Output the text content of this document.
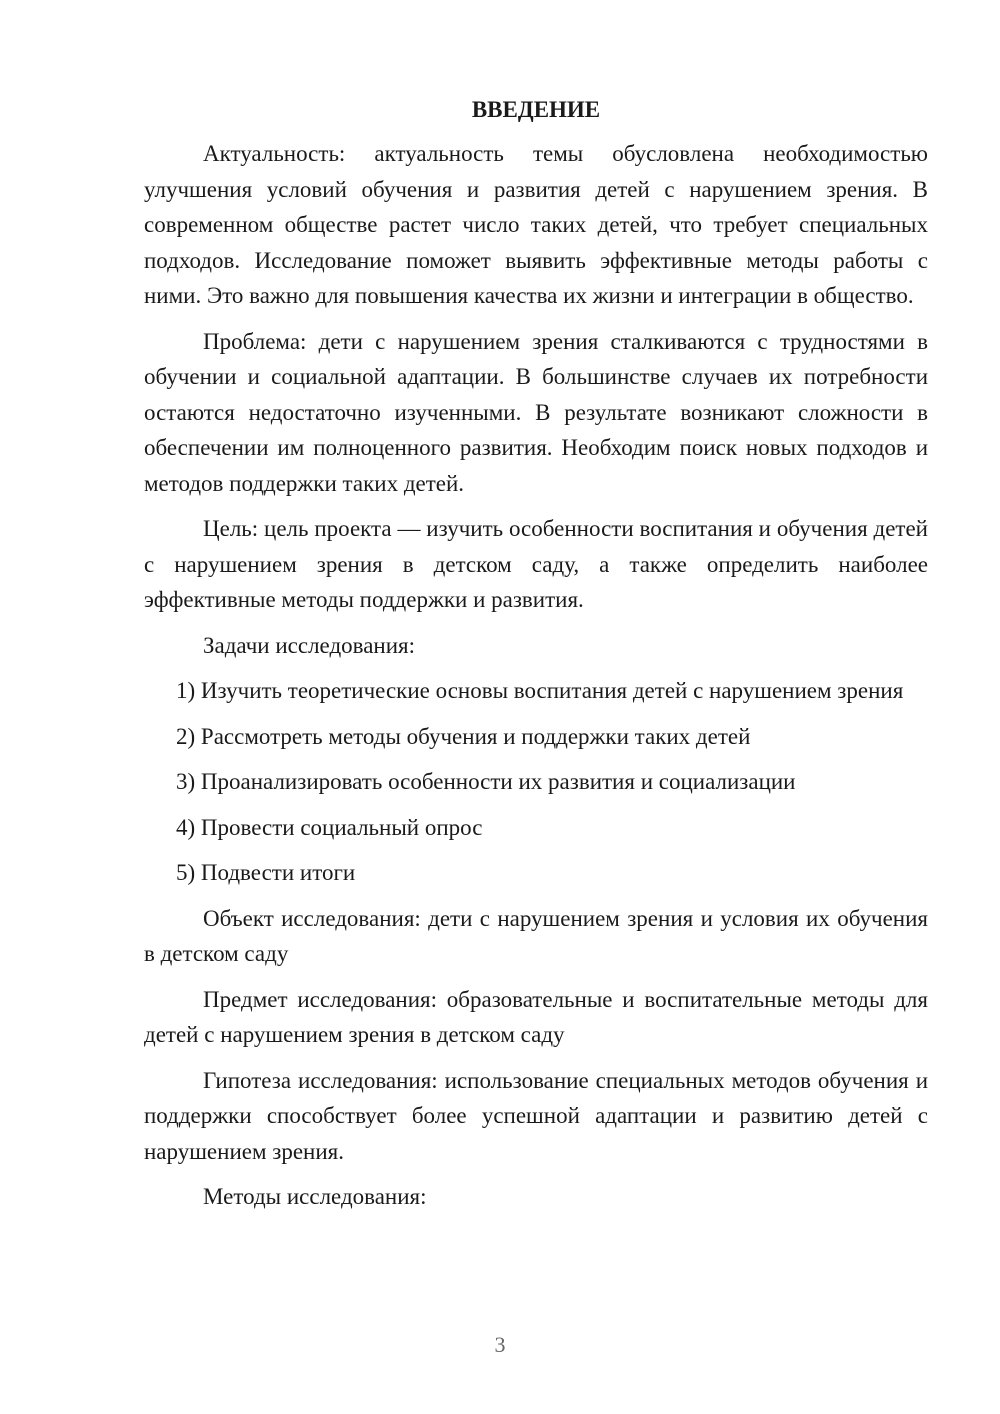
ВВЕДЕНИЕ

Актуальность: актуальность темы обусловлена необходимостью улучшения условий обучения и развития детей с нарушением зрения. В современном обществе растет число таких детей, что требует специальных подходов. Исследование поможет выявить эффективные методы работы с ними. Это важно для повышения качества их жизни и интеграции в общество.

Проблема: дети с нарушением зрения сталкиваются с трудностями в обучении и социальной адаптации. В большинстве случаев их потребности остаются недостаточно изученными. В результате возникают сложности в обеспечении им полноценного развития. Необходим поиск новых подходов и методов поддержки таких детей.

Цель: цель проекта — изучить особенности воспитания и обучения детей с нарушением зрения в детском саду, а также определить наиболее эффективные методы поддержки и развития.

Задачи исследования:

1) Изучить теоретические основы воспитания детей с нарушением зрения

2) Рассмотреть методы обучения и поддержки таких детей

3) Проанализировать особенности их развития и социализации

4) Провести социальный опрос

5) Подвести итоги

Объект исследования: дети с нарушением зрения и условия их обучения в детском саду

Предмет исследования: образовательные и воспитательные методы для детей с нарушением зрения в детском саду

Гипотеза исследования: использование специальных методов обучения и поддержки способствует более успешной адаптации и развитию детей с нарушением зрения.

Методы исследования:

3
